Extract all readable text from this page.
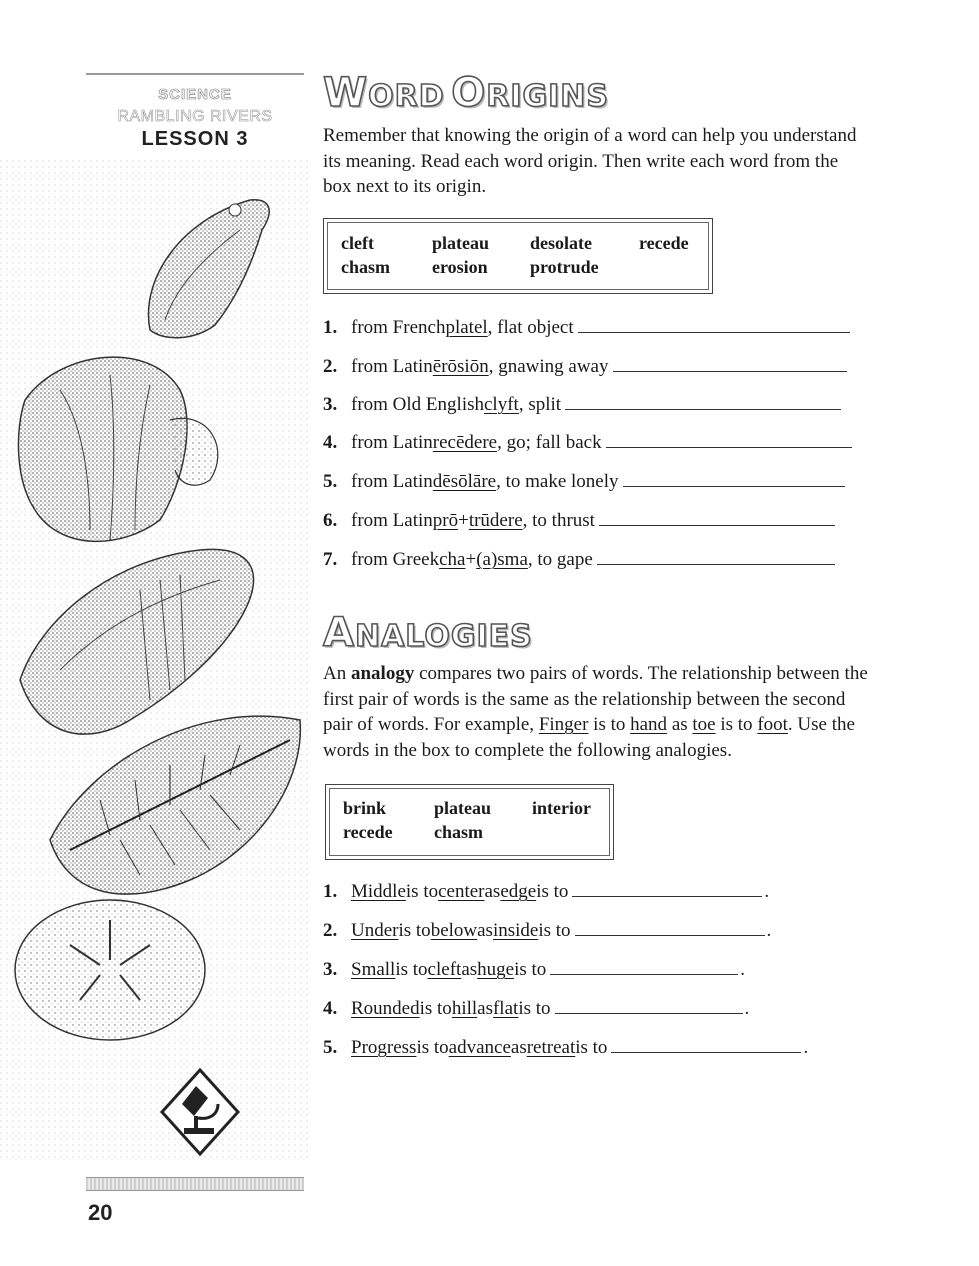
SCIENCE
RAMBLING RIVERS
LESSON 3
20
WORD ORIGINS
Remember that knowing the origin of a word can help you understand its meaning. Read each word origin. Then write each word from the box next to its origin.
cleft	plateau desolate	recede
chasm erosion protrude
1. from French platel , flat object
2. from Latin ērōsiōn , gnawing away
3. from Old English clyft , split
4. from Latin recēdere , go; fall back
5. from Latin dēsōlāre , to make lonely
6. from Latin prō + trūdere , to thrust
7. from Greek cha + (a)sma , to gape
ANALOGIES
An analogy compares two pairs of words. The relationship between the first pair of words is the same as the relationship between the second pair of words. For example, Finger is to hand as toe is to foot. Use the words in the box to complete the following analogies.
brink	plateau interior
recede chasm
1. Middle is to center as edge is to	.
2. Under is to below as inside is to	.
3. Small is to cleft as huge is to	.
4. Rounded is to hill as flat is to	.
5. Progress is to advance as retreat is to	.
